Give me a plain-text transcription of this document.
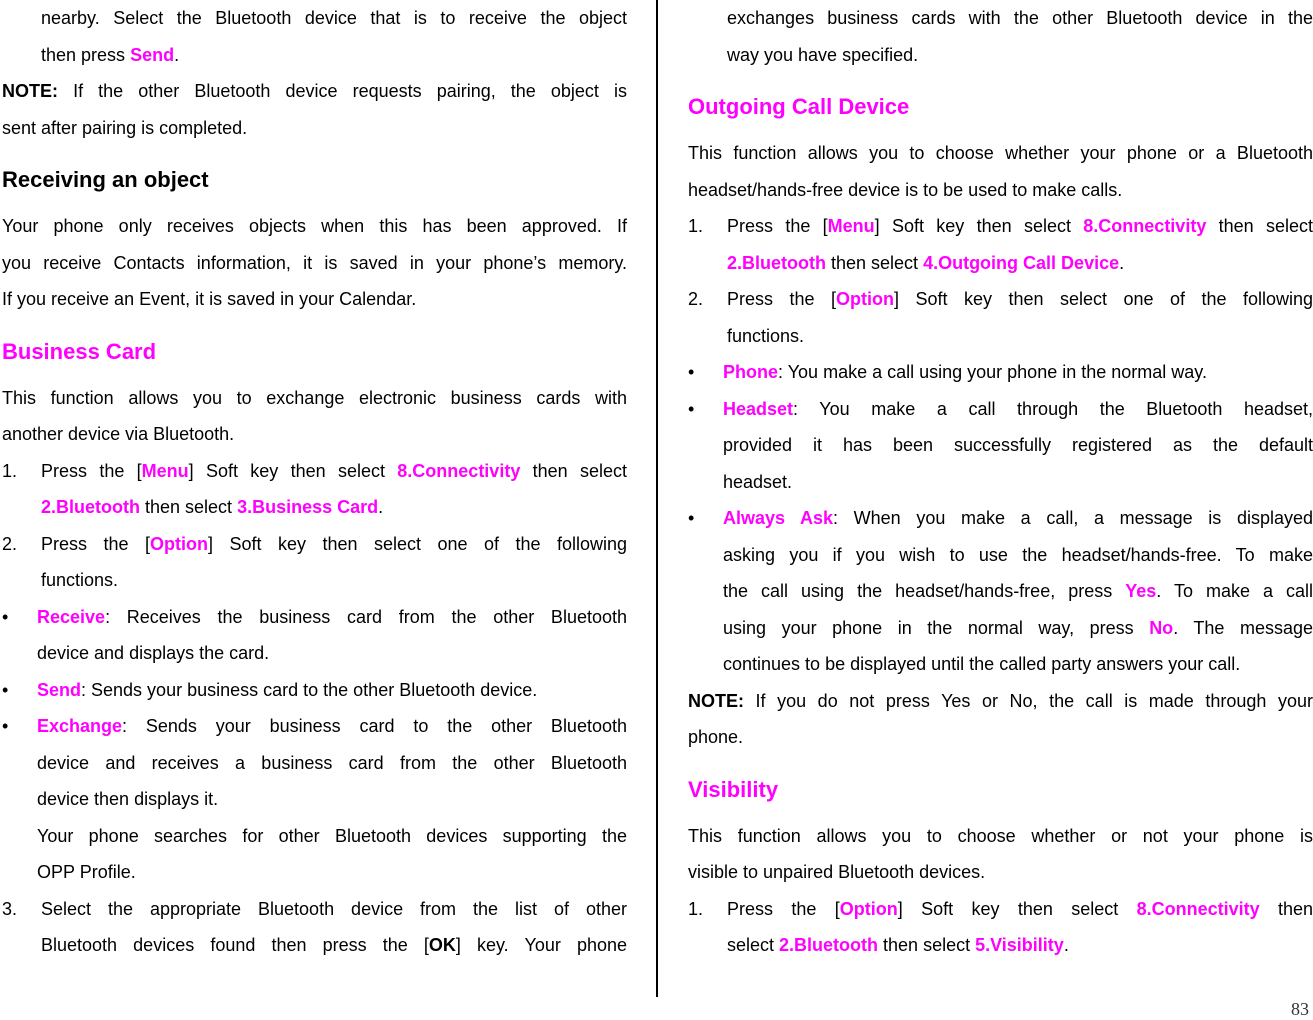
nearby. Select the Bluetooth device that is to receive the object

then press Send.

NOTE: If the other Bluetooth device requests pairing, the object is

sent after pairing is completed.

Receiving an object

Your phone only receives objects when this has been approved. If

you receive Contacts information, it is saved in your phone’s memory.

If you receive an Event, it is saved in your Calendar.

Business Card

This function allows you to exchange electronic business cards with

another device via Bluetooth.

1. Press the [Menu] Soft key then select 8.Connectivity then select

2.Bluetooth then select 3.Business Card.

2. Press the [Option] Soft key then select one of the following

functions.

• Receive: Receives the business card from the other Bluetooth

device and displays the card.

• Send: Sends your business card to the other Bluetooth device.

• Exchange: Sends your business card to the other Bluetooth

device and receives a business card from the other Bluetooth

device then displays it.

Your phone searches for other Bluetooth devices supporting the

OPP Profile.

3. Select the appropriate Bluetooth device from the list of other

Bluetooth devices found then press the [OK] key. Your phone

exchanges business cards with the other Bluetooth device in the

way you have specified.

Outgoing Call Device

This function allows you to choose whether your phone or a Bluetooth

headset/hands-free device is to be used to make calls.

1. Press the [Menu] Soft key then select 8.Connectivity then select

2.Bluetooth then select 4.Outgoing Call Device.

2. Press the [Option] Soft key then select one of the following

functions.

• Phone: You make a call using your phone in the normal way.

• Headset: You make a call through the Bluetooth headset,

provided it has been successfully registered as the default

headset.

• Always Ask: When you make a call, a message is displayed

asking you if you wish to use the headset/hands-free. To make

the call using the headset/hands-free, press Yes. To make a call

using your phone in the normal way, press No. The message

continues to be displayed until the called party answers your call.

NOTE: If you do not press Yes or No, the call is made through your

phone.

Visibility

This function allows you to choose whether or not your phone is

visible to unpaired Bluetooth devices.

1. Press the [Option] Soft key then select 8.Connectivity then

select 2.Bluetooth then select 5.Visibility.

83
